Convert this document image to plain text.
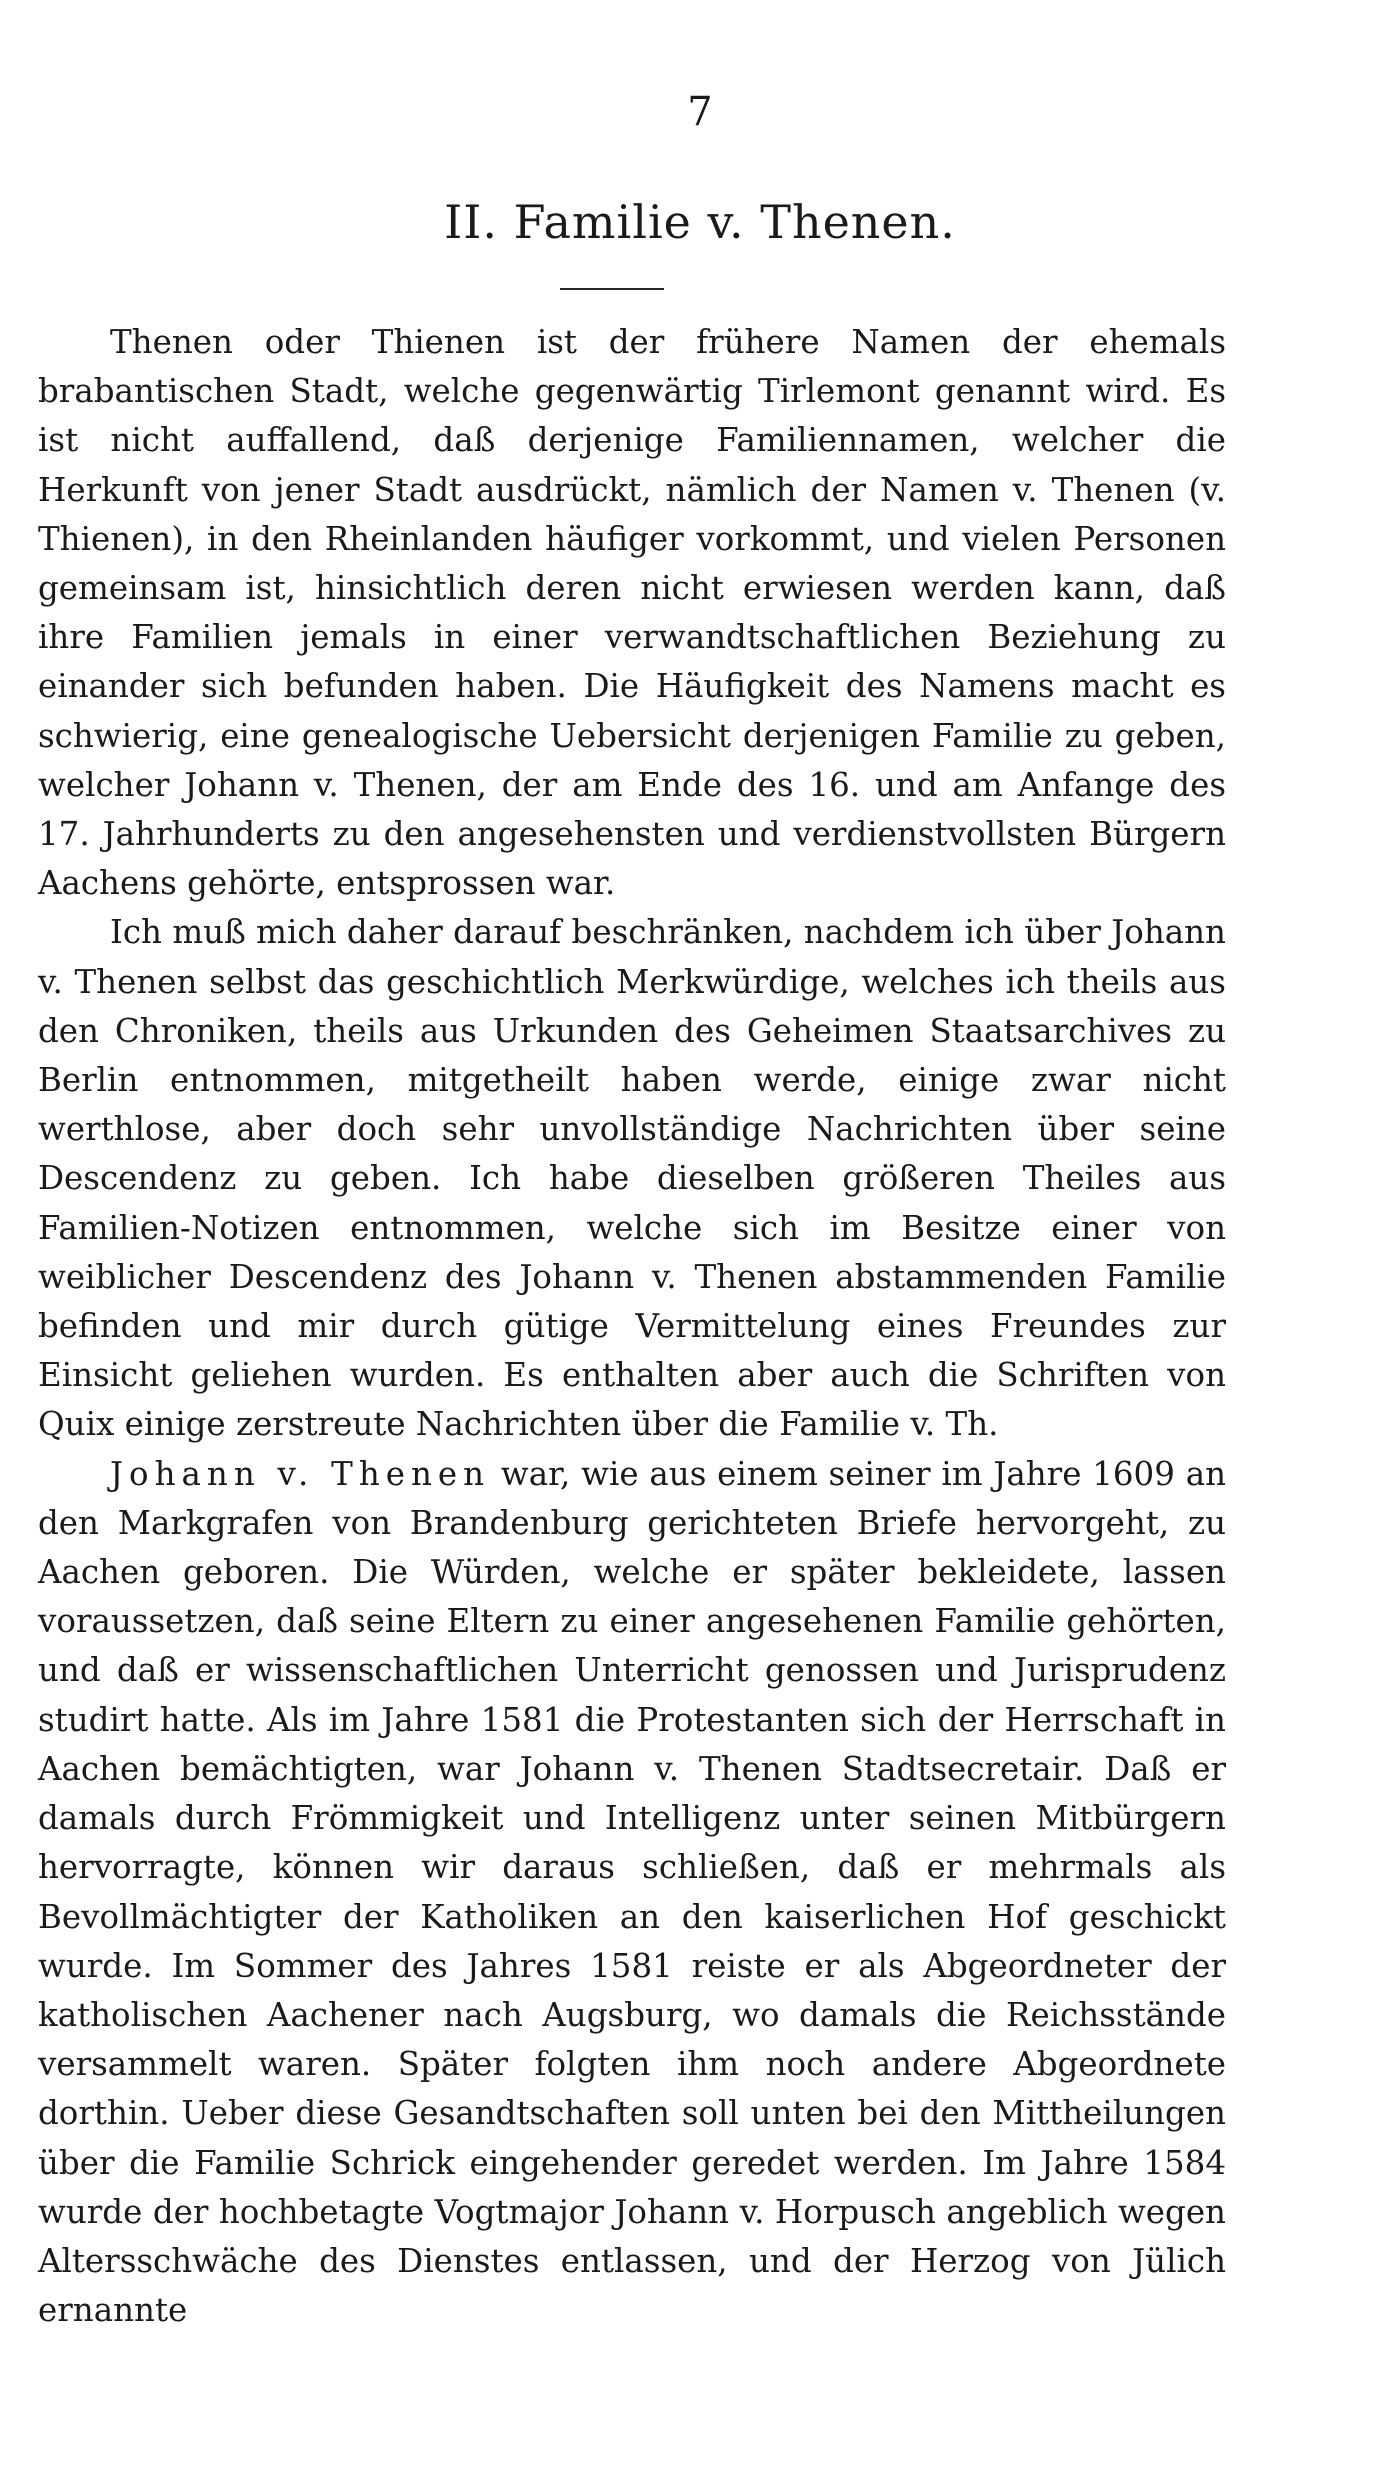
7
II. Familie v. Thenen.

Thenen oder Thienen ist der frühere Namen der ehemals brabantischen Stadt, welche gegenwärtig Tirlemont genannt wird. Es ist nicht auffallend, daß derjenige Familiennamen, welcher die Herkunft von jener Stadt ausdrückt, nämlich der Namen v. Thenen (v. Thienen), in den Rheinlanden häufiger vorkommt, und vielen Personen gemeinsam ist, hinsichtlich deren nicht erwiesen werden kann, daß ihre Familien jemals in einer verwandtschaftlichen Beziehung zu einander sich befunden haben. Die Häufigkeit des Namens macht es schwierig, eine genealogische Uebersicht derjenigen Familie zu geben, welcher Johann v. Thenen, der am Ende des 16. und am Anfange des 17. Jahrhunderts zu den angesehensten und verdienstvollsten Bürgern Aachens gehörte, entsprossen war.

Ich muß mich daher darauf beschränken, nachdem ich über Johann v. Thenen selbst das geschichtlich Merkwürdige, welches ich theils aus den Chroniken, theils aus Urkunden des Geheimen Staatsarchives zu Berlin entnommen, mitgetheilt haben werde, einige zwar nicht werthlose, aber doch sehr unvollständige Nachrichten über seine Descendenz zu geben. Ich habe dieselben größeren Theiles aus Familien-Notizen entnommen, welche sich im Besitze einer von weiblicher Descendenz des Johann v. Thenen abstammenden Familie befinden und mir durch gütige Vermittelung eines Freundes zur Einsicht geliehen wurden. Es enthalten aber auch die Schriften von Quix einige zerstreute Nachrichten über die Familie v. Th.

Johann v. Thenen war, wie aus einem seiner im Jahre 1609 an den Markgrafen von Brandenburg gerichteten Briefe hervorgeht, zu Aachen geboren. Die Würden, welche er später bekleidete, lassen voraussetzen, daß seine Eltern zu einer angesehenen Familie gehörten, und daß er wissenschaftlichen Unterricht genossen und Jurisprudenz studirt hatte. Als im Jahre 1581 die Protestanten sich der Herrschaft in Aachen bemächtigten, war Johann v. Thenen Stadtsecretair. Daß er damals durch Frömmigkeit und Intelligenz unter seinen Mitbürgern hervorragte, können wir daraus schließen, daß er mehrmals als Bevollmächtigter der Katholiken an den kaiserlichen Hof geschickt wurde. Im Sommer des Jahres 1581 reiste er als Abgeordneter der katholischen Aachener nach Augsburg, wo damals die Reichsstände versammelt waren. Später folgten ihm noch andere Abgeordnete dorthin. Ueber diese Gesandtschaften soll unten bei den Mittheilungen über die Familie Schrick eingehender geredet werden. Im Jahre 1584 wurde der hochbetagte Vogtmajor Johann v. Horpusch angeblich wegen Altersschwäche des Dienstes entlassen, und der Herzog von Jülich ernannte
